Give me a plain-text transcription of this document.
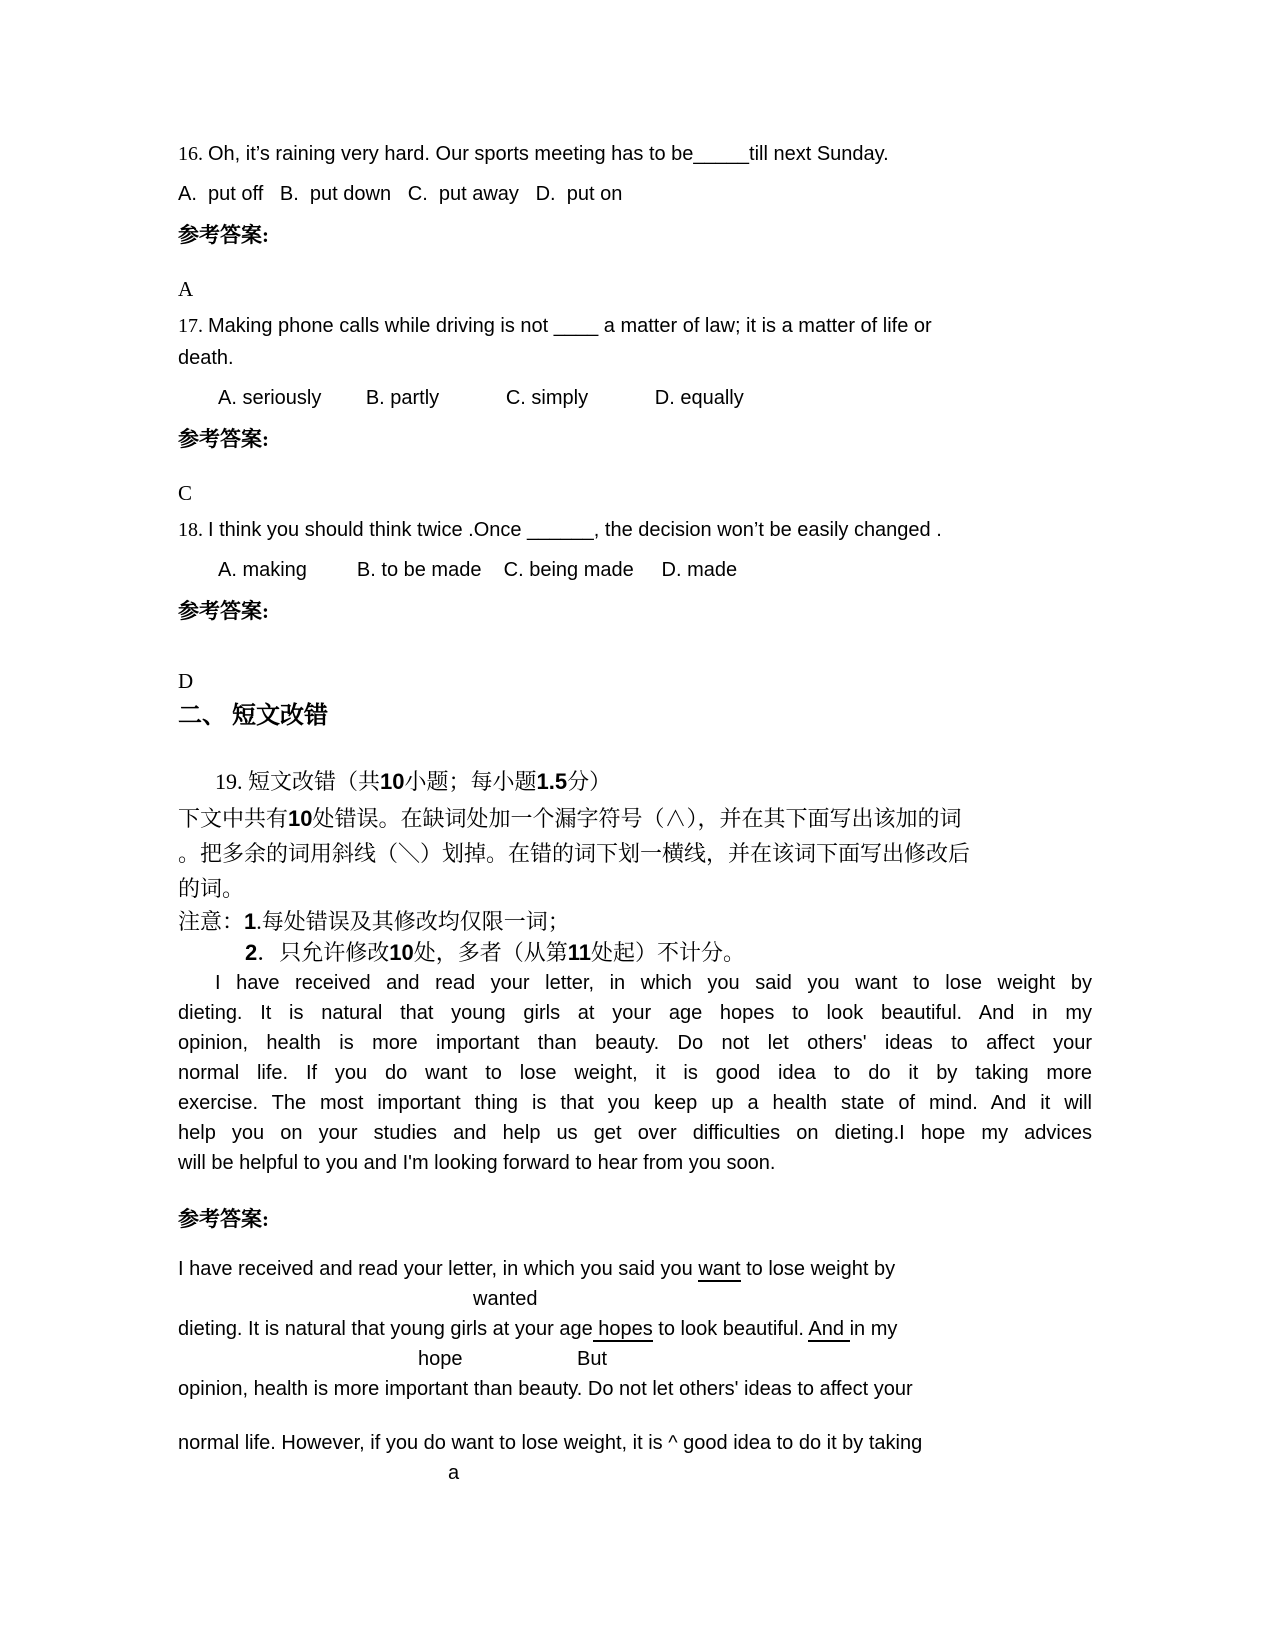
16. Oh, it’s raining very hard. Our sports meeting has to be_____till next Sunday.
A.  put off   B.  put down   C.  put away   D.  put on
参考答案:
A
17. Making phone calls while driving is not ____ a matter of law; it is a matter of life or
death.
A. seriously        B. partly            C. simply            D. equally
参考答案:
C
18. I think you should think twice .Once ______, the decision won’t be easily changed .
A. making         B. to be made    C. being made     D. made
参考答案:
D
二、 短文改错
19. 短文改错（共10小题；每小题1.5分）
下文中共有10处错误。在缺词处加一个漏字符号（∧），并在其下面写出该加的词
。把多余的词用斜线（＼）划掉。在错的词下划一横线，并在该词下面写出修改后
的词。
注意：1.每处错误及其修改均仅限一词；
2．只允许修改10处，多者（从第11处起）不计分。
I have received and read your letter, in which you said you want to lose weight by
dieting. It is natural that young girls at your age hopes to look beautiful. And in my
opinion, health is more important than beauty. Do not let others' ideas to affect your
normal life. If you do want to lose weight, it is good idea to do it by taking more
exercise. The most important thing is that you keep up a health state of mind. And it will
help you on your studies and help us get over difficulties on dieting.I hope my advices
will be helpful to you and I'm looking forward to hear from you soon.
参考答案:
I have received and read your letter, in which you said you want to lose weight by
wanted
dieting. It is natural that young girls at your age hopes to look beautiful. And in my
hope	But
opinion, health is more important than beauty. Do not let others' ideas to affect your
normal life. However, if you do want to lose weight, it is ^ good idea to do it by taking
a
